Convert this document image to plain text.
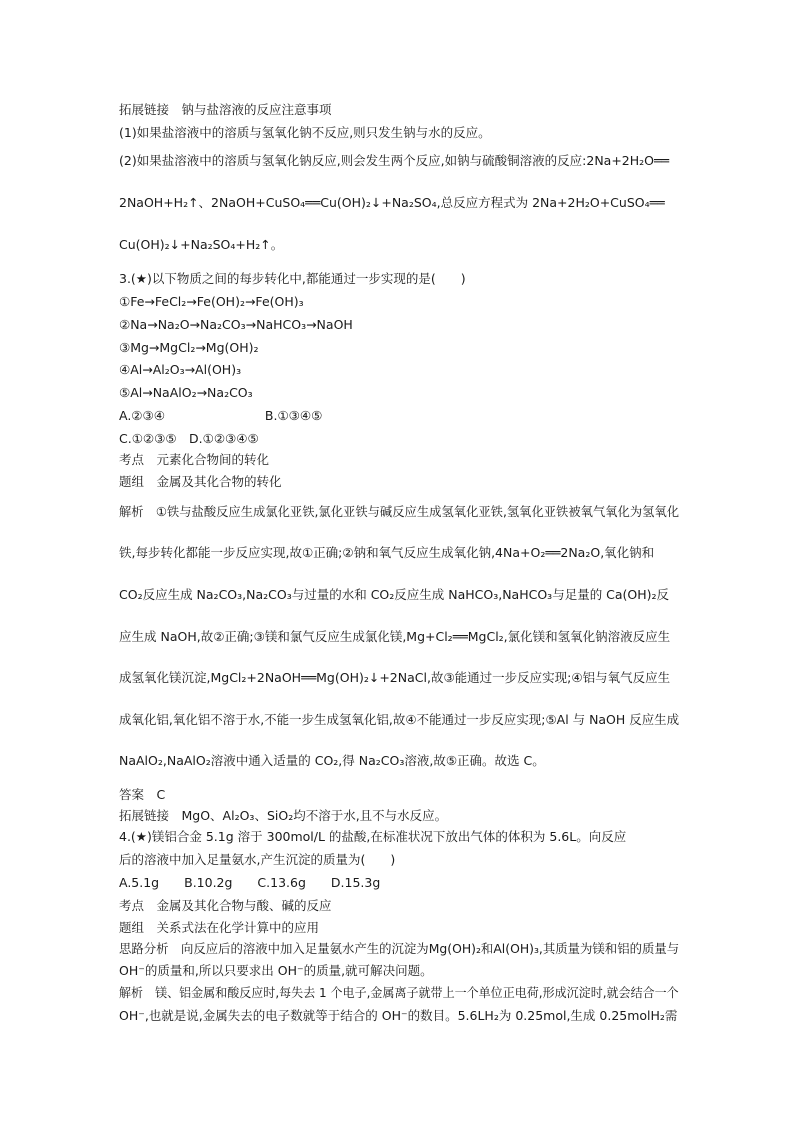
拓展链接　钠与盐溶液的反应注意事项
(1)如果盐溶液中的溶质与氢氧化钠不反应,则只发生钠与水的反应。
(2)如果盐溶液中的溶质与氢氧化钠反应,则会发生两个反应,如钠与硫酸铜溶液的反应:2Na+2H₂O══
2NaOH+H₂↑、2NaOH+CuSO₄══Cu(OH)₂↓+Na₂SO₄,总反应方程式为 2Na+2H₂O+CuSO₄══
Cu(OH)₂↓+Na₂SO₄+H₂↑。
3.(★)以下物质之间的每步转化中,都能通过一步实现的是(　　)
①Fe→FeCl₂→Fe(OH)₂→Fe(OH)₃
②Na→Na₂O→Na₂CO₃→NaHCO₃→NaOH
③Mg→MgCl₂→Mg(OH)₂
④Al→Al₂O₃→Al(OH)₃
⑤Al→NaAlO₂→Na₂CO₃
A.②③④　　　　　　　　B.①③④⑤
C.①②③⑤　D.①②③④⑤
考点　元素化合物间的转化
题组　金属及其化合物的转化
解析　①铁与盐酸反应生成氯化亚铁,氯化亚铁与碱反应生成氢氧化亚铁,氢氧化亚铁被氧气氧化为氢氧化
铁,每步转化都能一步反应实现,故①正确;②钠和氧气反应生成氧化钠,4Na+O₂══2Na₂O,氧化钠和
CO₂反应生成 Na₂CO₃,Na₂CO₃与过量的水和 CO₂反应生成 NaHCO₃,NaHCO₃与足量的 Ca(OH)₂反
应生成 NaOH,故②正确;③镁和氯气反应生成氯化镁,Mg+Cl₂══MgCl₂,氯化镁和氢氧化钠溶液反应生
成氢氧化镁沉淀,MgCl₂+2NaOH══Mg(OH)₂↓+2NaCl,故③能通过一步反应实现;④铝与氧气反应生
成氧化铝,氧化铝不溶于水,不能一步生成氢氧化铝,故④不能通过一步反应实现;⑤Al 与 NaOH 反应生成
NaAlO₂,NaAlO₂溶液中通入适量的 CO₂,得 Na₂CO₃溶液,故⑤正确。故选 C。
答案　C
拓展链接　MgO、Al₂O₃、SiO₂均不溶于水,且不与水反应。
4.(★)镁铝合金 5.1g 溶于 300mol/L 的盐酸,在标准状况下放出气体的体积为 5.6L。向反应
后的溶液中加入足量氨水,产生沉淀的质量为(　　)
A.5.1g　　B.10.2g　　C.13.6g　　D.15.3g
考点　金属及其化合物与酸、碱的反应
题组　关系式法在化学计算中的应用
思路分析　向反应后的溶液中加入足量氨水产生的沉淀为Mg(OH)₂和Al(OH)₃,其质量为镁和铝的质量与
OH⁻的质量和,所以只要求出 OH⁻的质量,就可解决问题。
解析　镁、铝金属和酸反应时,每失去 1 个电子,金属离子就带上一个单位正电荷,形成沉淀时,就会结合一个
OH⁻,也就是说,金属失去的电子数就等于结合的 OH⁻的数目。5.6LH₂为 0.25mol,生成 0.25molH₂需
